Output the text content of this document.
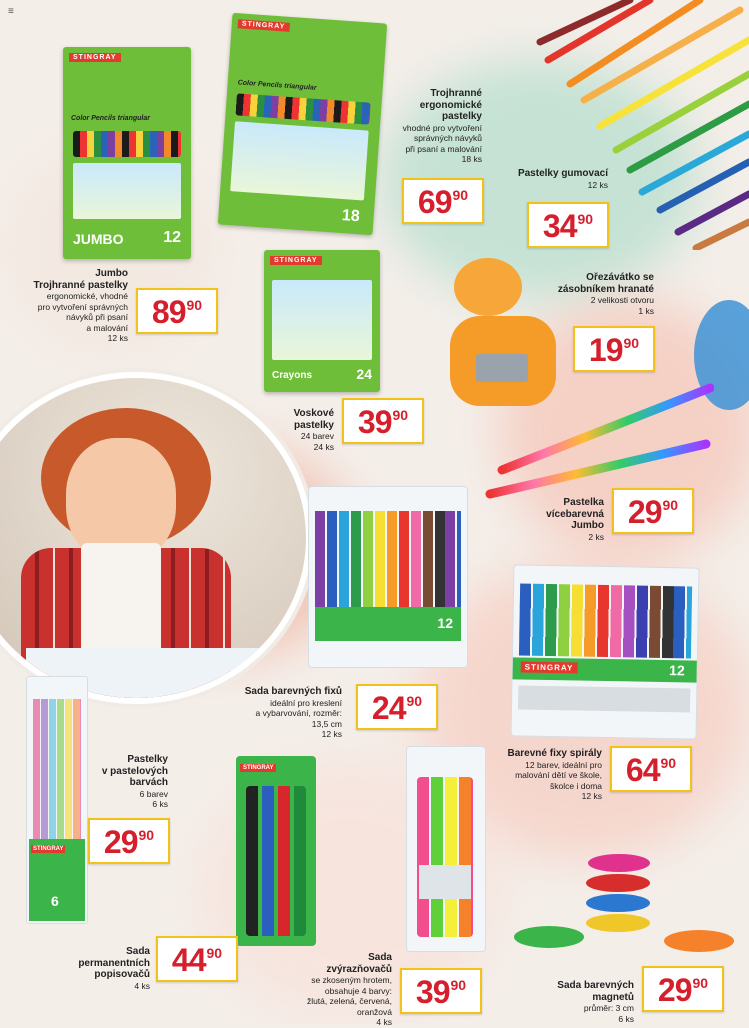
≡
STINGRAY
Color Pencils triangular
JUMBO 12
STINGRAY
Color Pencils triangular
18
STINGRAY
Crayons	24
12
STINGRAY	12
STINGRAY
6
STINGRAY
Jumbo
Trojhranné pastelky
ergonomické, vhodné
pro vytvoření správných
návyků při psaní
a malování
12 ks
89 90
Trojhranné
ergonomické
pastelky
vhodné pro vytvoření
správných návyků
při psaní a malování
18 ks
69 90
Pastelky gumovací
12 ks
34 90
Ořezávátko se
zásobníkem hranaté
2 velikosti otvoru
1 ks
19 90
Voskové
pastelky
24 barev
24 ks
39 90
Pastelka
vícebarevná
Jumbo
2 ks
29 90
Sada barevných fixů
ideální pro kreslení
a vybarvování, rozměr:
13,5 cm
12 ks
24 90
Barevné fixy spirály
12 barev, ideální pro
malování dětí ve škole,
školce i doma
12 ks
64 90
Pastelky
v pastelových
barvách
6 barev
6 ks
29 90
Sada
permanentních
popisovačů
4 ks
44 90	Sada
zvýrazňovačů
se zkoseným hrotem,
obsahuje 4 barvy:
žlutá, zelená, červená,
oranžová
4 ks
39 90	Sada barevných
magnetů
průměr: 3 cm
6 ks
29 90
